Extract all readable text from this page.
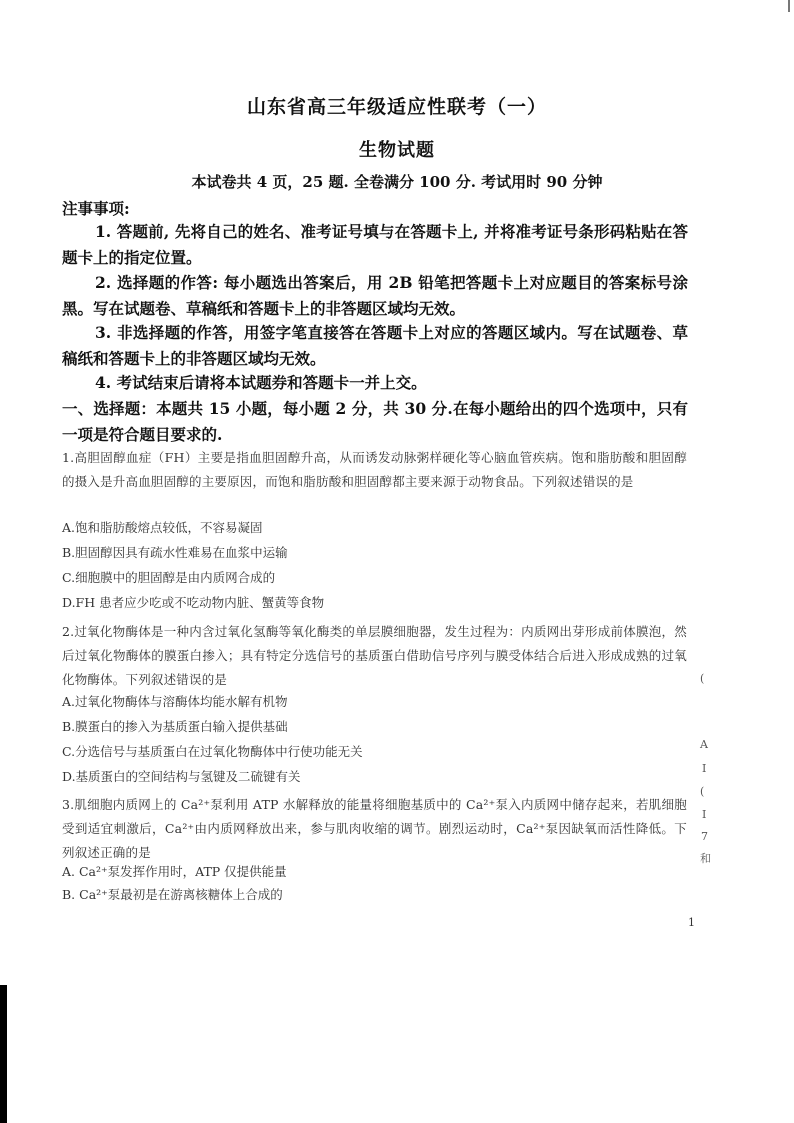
山东省高三年级适应性联考（一）
生物试题
本试卷共 4 页，25 题. 全卷满分 100 分. 考试用时 90 分钟
注事事项:
1. 答题前, 先将自己的姓名、准考证号填与在答题卡上, 并将准考证号条形码粘贴在答题卡上的指定位置。
2. 选择题的作答: 每小题选出答案后，用 2B 铅笔把答题卡上对应题目的答案标号涂黑。写在试题卷、草稿纸和答题卡上的非答题区域均无效。
3. 非选择题的作答，用签字笔直接答在答题卡上对应的答题区域内。写在试题卷、草稿纸和答题卡上的非答题区域均无效。
4. 考试结束后请将本试题券和答题卡一并上交。
一、选择题：本题共 15 小题，每小题 2 分，共 30 分.在每小题给出的四个选项中，只有一项是符合题目要求的.
1.高胆固醇血症（FH）主要是指血胆固醇升高，从而诱发动脉粥样硬化等心脑血管疾病。饱和脂肪酸和胆固醇的摄入是升高血胆固醇的主要原因，而饱和脂肪酸和胆固醇都主要来源于动物食品。下列叙述错误的是
A.饱和脂肪酸熔点较低，不容易凝固
B.胆固醇因具有疏水性难易在血浆中运输
C.细胞膜中的胆固醇是由内质网合成的
D.FH 患者应少吃或不吃动物内脏、蟹黄等食物
2.过氧化物酶体是一种内含过氧化氢酶等氧化酶类的单层膜细胞器，发生过程为：内质网出芽形成前体膜泡，然后过氧化物酶体的膜蛋白掺入；具有特定分选信号的基质蛋白借助信号序列与膜受体结合后进入形成成熟的过氧化物酶体。下列叙述错误的是
A.过氧化物酶体与溶酶体均能水解有机物
B.膜蛋白的掺入为基质蛋白输入提供基础
C.分选信号与基质蛋白在过氧化物酶体中行使功能无关
D.基质蛋白的空间结构与氢键及二硫键有关
3.肌细胞内质网上的 Ca²⁺泵利用 ATP 水解释放的能量将细胞基质中的 Ca²⁺泵入内质网中储存起来，若肌细胞受到适宜刺激后，Ca²⁺由内质网释放出来，参与肌肉收缩的调节。剧烈运动时，Ca²⁺泵因缺氧而活性降低。下列叙述正确的是
A. Ca²⁺泵发挥作用时，ATP 仅提供能量
B. Ca²⁺泵最初是在游离核糖体上合成的
1
(
A
I
(
I
7
和
